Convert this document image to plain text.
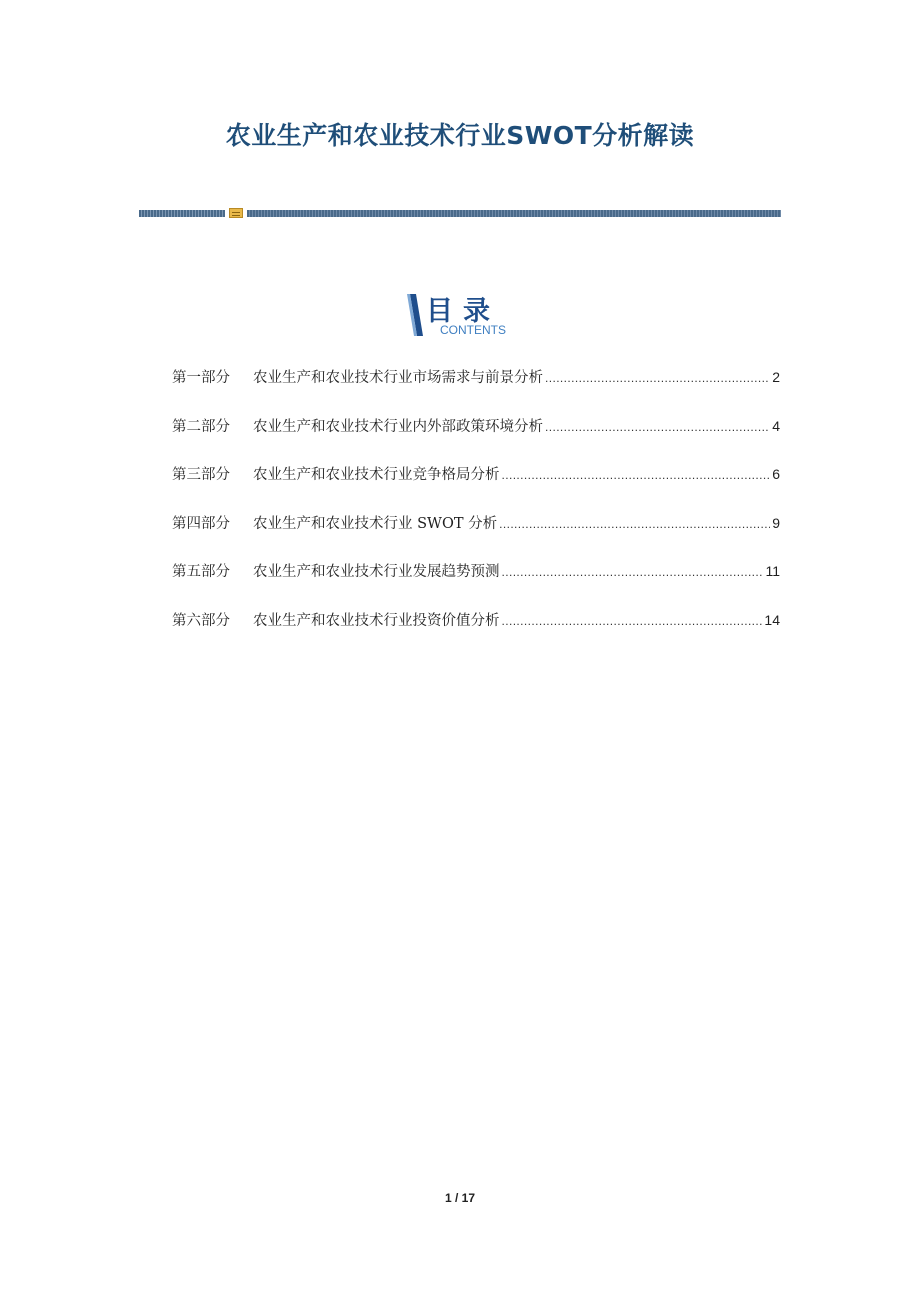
农业生产和农业技术行业SWOT分析解读
目录
CONTENTS
第一部分	农业生产和农业技术行业市场需求与前景分析 .....	2
第二部分	农业生产和农业技术行业内外部政策环境分析 .....	4
第三部分	农业生产和农业技术行业竞争格局分析 .....	6
第四部分	农业生产和农业技术行业 SWOT 分析 .....	9
第五部分	农业生产和农业技术行业发展趋势预测 .....	11
第六部分	农业生产和农业技术行业投资价值分析 .....	14
1 / 17
